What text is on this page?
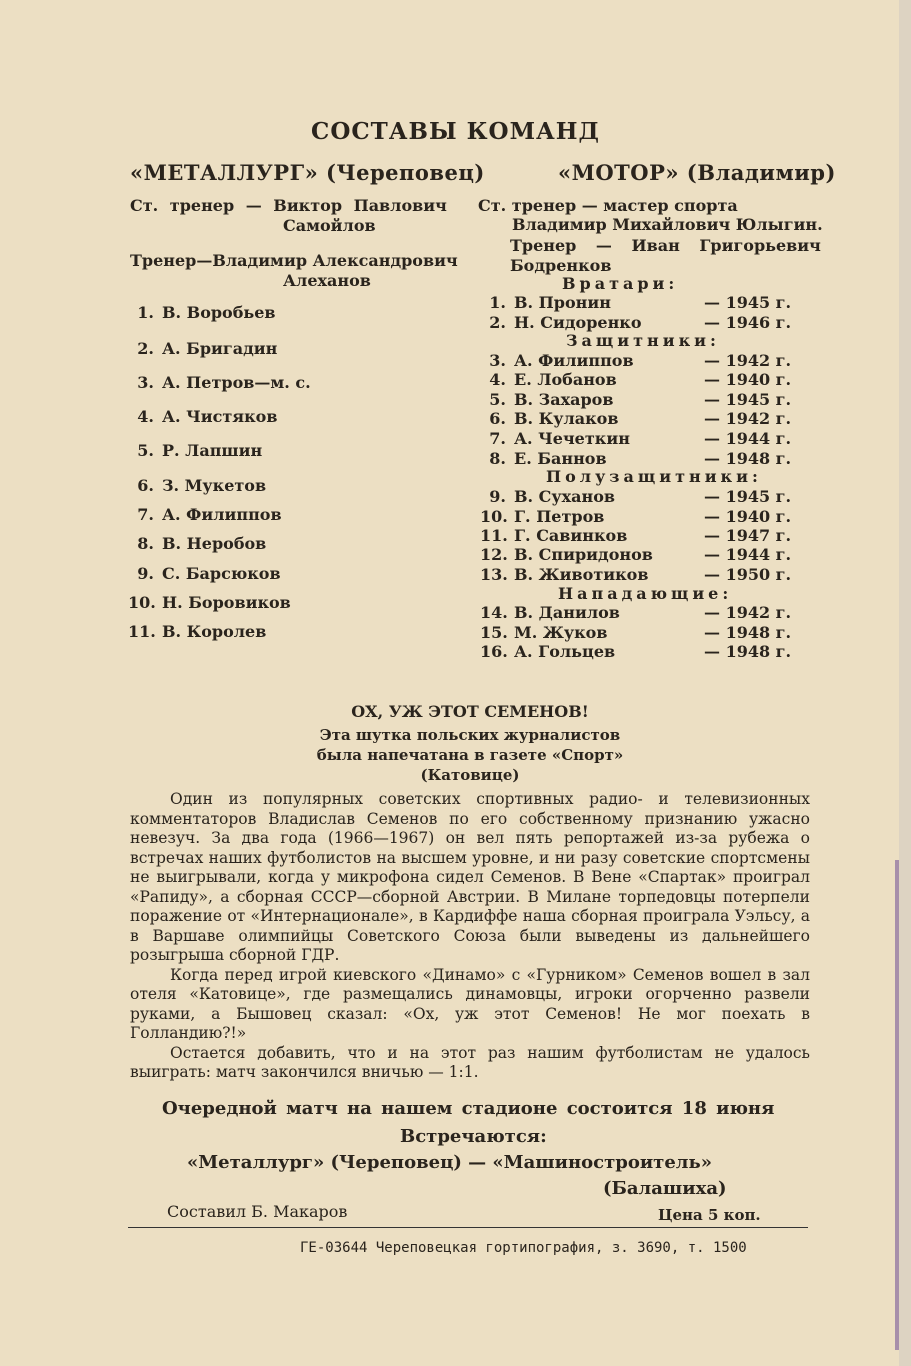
СОСТАВЫ КОМАНД
«МЕТАЛЛУРГ» (Череповец)
Ст. тренер — Виктор Павлович
Самойлов
Тренер—Владимир Александрович
Алеханов
1. В. Воробьев
2. А. Бригадин
3. А. Петров—м. с.
4. А. Чистяков
5. Р. Лапшин
6. З. Мукетов
7. А. Филиппов
8. В. Неробов
9. С. Барсюков
10. Н. Боровиков
11. В. Королев
«МОТОР» (Владимир)
Ст. тренер — мастер спорта
Владимир Михайлович Юлыгин.
Тренер — Иван Григорьевич
Бодренков
Вратари:
Защитники:
Полузащитники:
Нападающие:
1. В. Пронин	— 1945 г.
2. Н. Сидоренко	— 1946 г.
3. А. Филиппов	— 1942 г.
4. Е. Лобанов	— 1940 г.
5. В. Захаров	— 1945 г.
6. В. Кулаков	— 1942 г.
7. А. Чечеткин	— 1944 г.
8. Е. Баннов	— 1948 г.
9. В. Суханов	— 1945 г.
10. Г. Петров	— 1940 г.
11. Г. Савинков	— 1947 г.
12. В. Спиридонов	— 1944 г.
13. В. Животиков	— 1950 г.
14. В. Данилов	— 1942 г.
15. М. Жуков	— 1948 г.
16. А. Гольцев	— 1948 г.
ОХ, УЖ ЭТОТ СЕМЕНОВ!
Эта шутка польских журналистов
была напечатана в газете «Спорт»
(Катовице)

Один из популярных советских спортивных радио- и телевизионных комментаторов Владислав Семенов по его собственному признанию ужасно невезуч. За два года (1966—1967) он вел пять репортажей из-за рубежа о встречах наших футболистов на высшем уровне, и ни разу советские спортсмены не выигрывали, когда у микрофона сидел Семенов. В Вене «Спартак» проиграл «Рапиду», а сборная СССР—сборной Австрии. В Милане торпедовцы потерпели поражение от «Интернационале», в Кардиффе наша сборная проиграла Уэльсу, а в Варшаве олимпийцы Советского Союза были выведены из дальнейшего розыгрыша сборной ГДР.

Когда перед игрой киевского «Динамо» с «Гурником» Семенов вошел в зал отеля «Катовице», где размещались динамовцы, игроки огорченно развели руками, а Бышовец сказал: «Ох, уж этот Семенов! Не мог поехать в Голландию?!»

Остается добавить, что и на этот раз нашим футболистам не удалось выиграть: матч закончился вничью — 1:1.

Очередной матч на нашем стадионе состоится 18 июня
Встречаются:
«Металлург» (Череповец) — «Машиностроитель»
(Балашиха)
Составил Б. Макаров	Цена 5 коп.
ГЕ-03644 Череповецкая гортипография, з. 3690, т. 1500
